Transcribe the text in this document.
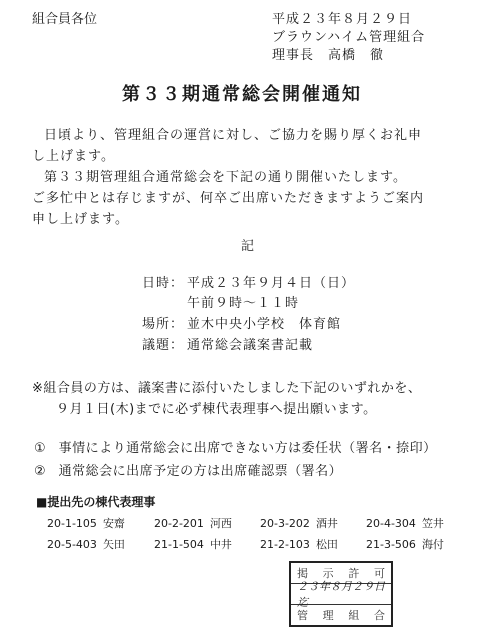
組合員各位	平成２３年８月２９日
ブラウンハイム管理組合
理事長　高橋　徹
第３３期通常総会開催通知
日頃より、管理組合の運営に対し、ご協力を賜り厚くお礼申
し上げます。
第３３期管理組合通常総会を下記の通り開催いたします。
ご多忙中とは存じますが、何卒ご出席いただきますようご案内
申し上げます。
記
日時： 平成２３年９月４日（日）
午前９時～１１時
場所： 並木中央小学校　体育館
議題： 通常総会議案書記載
※組合員の方は、議案書に添付いたしました下記のいずれかを、
９月１日(木)までに必ず棟代表理事へ提出願います。
① 事情により通常総会に出席できない方は委任状（署名・捺印）
② 通常総会に出席予定の方は出席確認票（署名）
■提出先の棟代表理事
20-1-105 安齋	20-2-201 河西	20-3-202 酒井	20-4-304 笠井
20-5-403 矢田	21-1-504 中井	21-2-103 松田	21-3-506 海付
掲 示 許 可
２３年８月２９日迄
管 理 組 合
